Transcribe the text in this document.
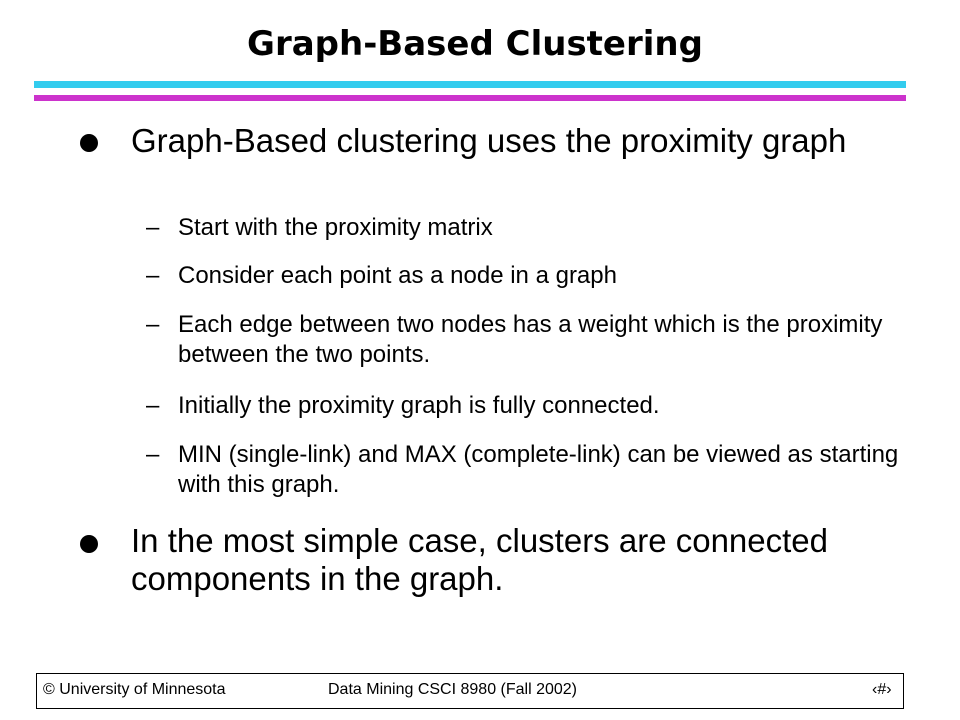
Graph-Based Clustering
Graph-Based clustering uses the proximity graph
– Start with the proximity matrix
– Consider each point as a node in a graph
– Each edge between two nodes has a weight which is the proximity between the two points.
– Initially the proximity graph is fully connected.
– MIN (single-link) and MAX (complete-link) can be viewed as starting with this graph.
In the most simple case, clusters are connected components in the graph.
© University of Minnesota	Data Mining CSCI 8980 (Fall 2002)	‹#›
